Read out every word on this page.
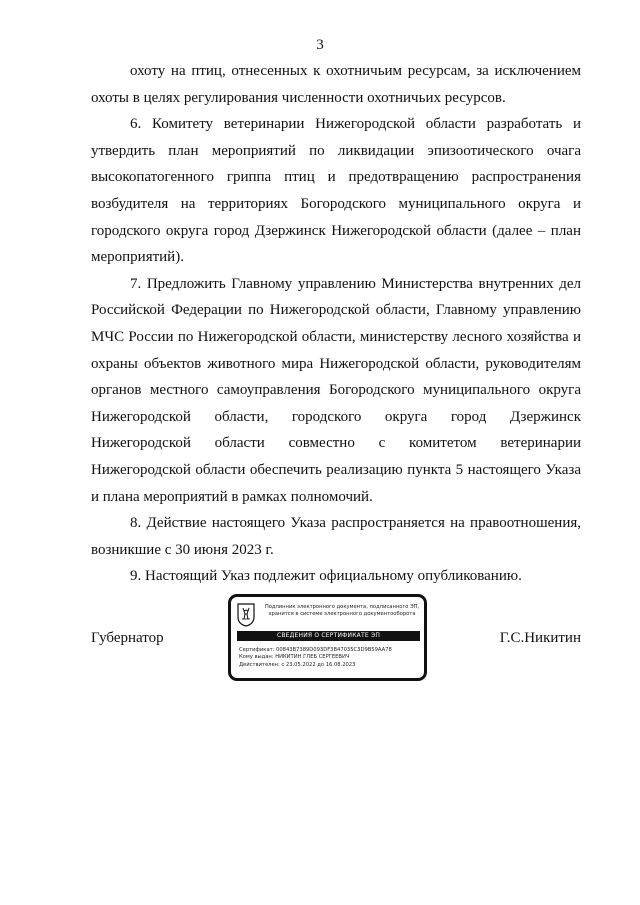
3

охоту на птиц, отнесенных к охотничьим ресурсам, за исключением охоты в целях регулирования численности охотничьих ресурсов.

6. Комитету ветеринарии Нижегородской области разработать и утвердить план мероприятий по ликвидации эпизоотического очага высокопатогенного гриппа птиц и предотвращению распространения возбудителя на территориях Богородского муниципального округа и городского округа город Дзержинск Нижегородской области (далее – план мероприятий).

7. Предложить Главному управлению Министерства внутренних дел Российской Федерации по Нижегородской области, Главному управлению МЧС России по Нижегородской области, министерству лесного хозяйства и охраны объектов животного мира Нижегородской области, руководителям органов местного самоуправления Богородского муниципального округа Нижегородской области, городского округа город Дзержинск Нижегородской области совместно с комитетом ветеринарии Нижегородской области обеспечить реализацию пункта 5 настоящего Указа и плана мероприятий в рамках полномочий.

8. Действие настоящего Указа распространяется на правоотношения, возникшие с 30 июня 2023 г.

9. Настоящий Указ подлежит официальному опубликованию.

Губернатор	Г.С.Никитин
Подлинник электронного документа, подписанного ЭП,
хранится в системе электронного документооборота
СВЕДЕНИЯ О СЕРТИФИКАТЕ ЭП
Сертификат: 00843B7389D093DF3B47035C3D9B59AA78
Кому выдан: НИКИТИН ГЛЕБ СЕРГЕЕВИЧ
Действителен: с 23.05.2022 до 16.08.2023
